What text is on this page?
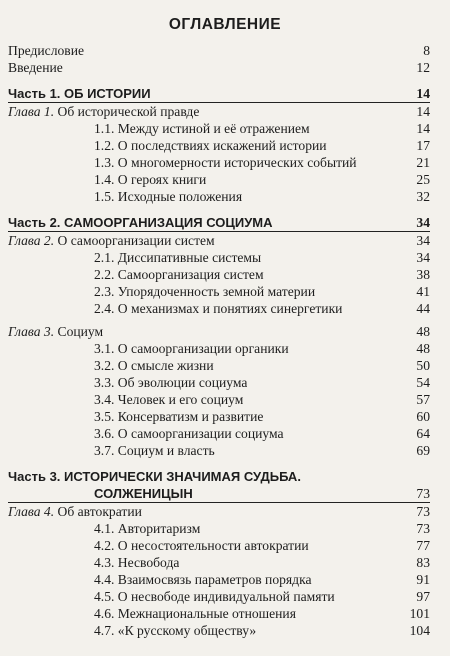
ОГЛАВЛЕНИЕ
Предисловие	8
Введение	12
Часть 1. ОБ ИСТОРИИ	14
Глава 1. Об исторической правде	14
1.1. Между истиной и её отражением	14
1.2. О последствиях искажений истории	17
1.3. О многомерности исторических событий	21
1.4. О героях книги	25
1.5. Исходные положения	32
Часть 2. САМООРГАНИЗАЦИЯ СОЦИУМА	34
Глава 2. О самоорганизации систем	34
2.1. Диссипативные системы	34
2.2. Самоорганизация систем	38
2.3. Упорядоченность земной материи	41
2.4. О механизмах и понятиях синергетики	44
Глава 3. Социум	48
3.1. О самоорганизации органики	48
3.2. О смысле жизни	50
3.3. Об эволюции социума	54
3.4. Человек и его социум	57
3.5. Консерватизм и развитие	60
3.6. О самоорганизации социума	64
3.7. Социум и власть	69
Часть 3. ИСТОРИЧЕСКИ ЗНАЧИМАЯ СУДЬБА.
СОЛЖЕНИЦЫН	73
Глава 4. Об автократии	73
4.1. Авторитаризм	73
4.2. О несостоятельности автократии	77
4.3. Несвобода	83
4.4. Взаимосвязь параметров порядка	91
4.5. О несвободе индивидуальной памяти	97
4.6. Межнациональные отношения	101
4.7. «К русскому обществу»	104
